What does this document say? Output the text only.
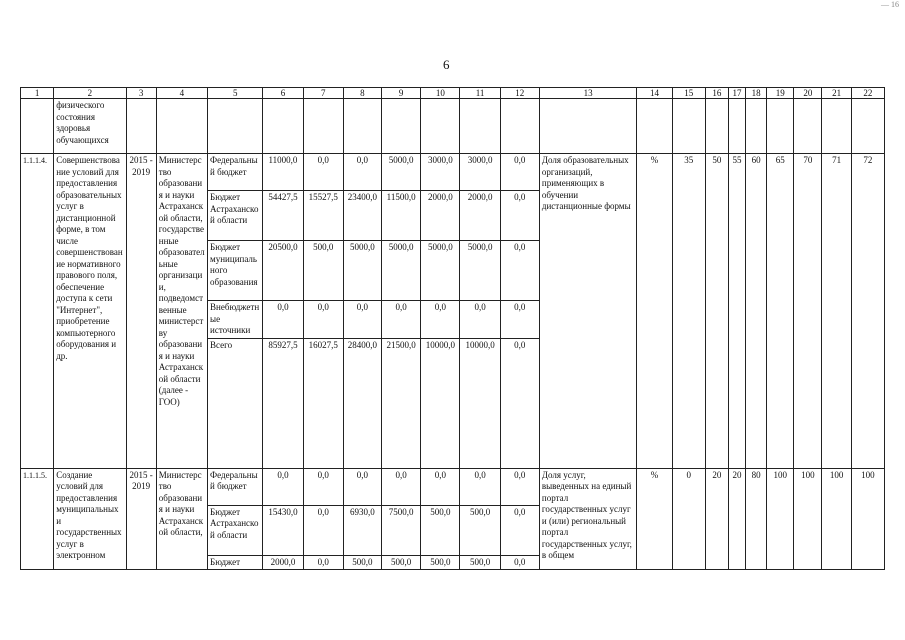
6
— 16
1	2	3	4	5	6	7	8	9	10	11	12	13	14	15	16	17	18	19	20	21	22
	физического состояния здоровья обучающихся																				
1.1.1.4.	Совершенствование условий для предоставления образовательных услуг в дистанционной форме, в том числе совершенствование нормативного правового поля, обеспечение доступа к сети "Интернет", приобретение компьютерного оборудования и др.	2015 - 2019	Министерство образования и науки Астраханской области, государственные образовательные организации, подведомственные министерству образования и науки Астраханской области (далее - ГОО)	Федеральный бюджет	11000,0	0,0	0,0	5000,0	3000,0	3000,0	0,0	Доля образовательных организаций, применяющих в обучении дистанционные формы	%	35	50	55	60	65	70	71	72
				Бюджет Астраханской области	54427,5	15527,5	23400,0	11500,0	2000,0	2000,0	0,0										
				Бюджет муниципального образования	20500,0	500,0	5000,0	5000,0	5000,0	5000,0	0,0										
				Внебюджетные источники	0,0	0,0	0,0	0,0	0,0	0,0	0,0										
				Всего	85927,5	16027,5	28400,0	21500,0	10000,0	10000,0	0,0										
1.1.1.5.	Создание условий для предоставления муниципальных и государственных услуг в электронном	2015 - 2019	Министерство образования и науки Астраханской области,	Федеральный бюджет	0,0	0,0	0,0	0,0	0,0	0,0	0,0	Доля услуг, выведенных на единый портал государственных услуг и (или) региональный портал государственных услуг, в общем	%	0	20	20	80	100	100	100	100
				Бюджет Астраханской области	15430,0	0,0	6930,0	7500,0	500,0	500,0	0,0										
				Бюджет	2000,0	0,0	500,0	500,0	500,0	500,0	0,0										
